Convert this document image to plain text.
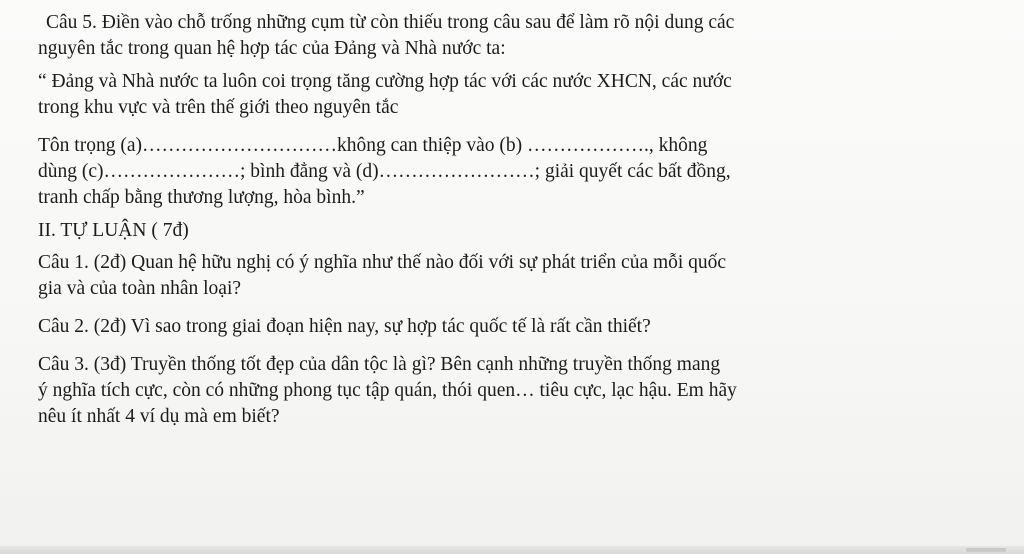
Câu 5. Điền vào chỗ trống những cụm từ còn thiếu trong câu sau để làm rõ nội dung các
nguyên tắc trong quan hệ hợp tác của Đảng và Nhà nước ta:

“ Đảng và Nhà nước ta luôn coi trọng tăng cường hợp tác với các nước XHCN, các nước
trong khu vực và trên thế giới theo nguyên tắc

Tôn trọng (a)…………………………không can thiệp vào (b) ………………., không
dùng (c)…………………; bình đẳng và (d)……………………; giải quyết các bất đồng,
tranh chấp bằng thương lượng, hòa bình.”

II. TỰ LUẬN ( 7đ)

Câu 1. (2đ) Quan hệ hữu nghị có ý nghĩa như thế nào đối với sự phát triển của mỗi quốc
gia và của toàn nhân loại?

Câu 2. (2đ) Vì sao trong giai đoạn hiện nay, sự hợp tác quốc tế là rất cần thiết?

Câu 3. (3đ) Truyền thống tốt đẹp của dân tộc là gì? Bên cạnh những truyền thống mang
ý nghĩa tích cực, còn có những phong tục tập quán, thói quen… tiêu cực, lạc hậu. Em hãy
nêu ít nhất 4 ví dụ mà em biết?
